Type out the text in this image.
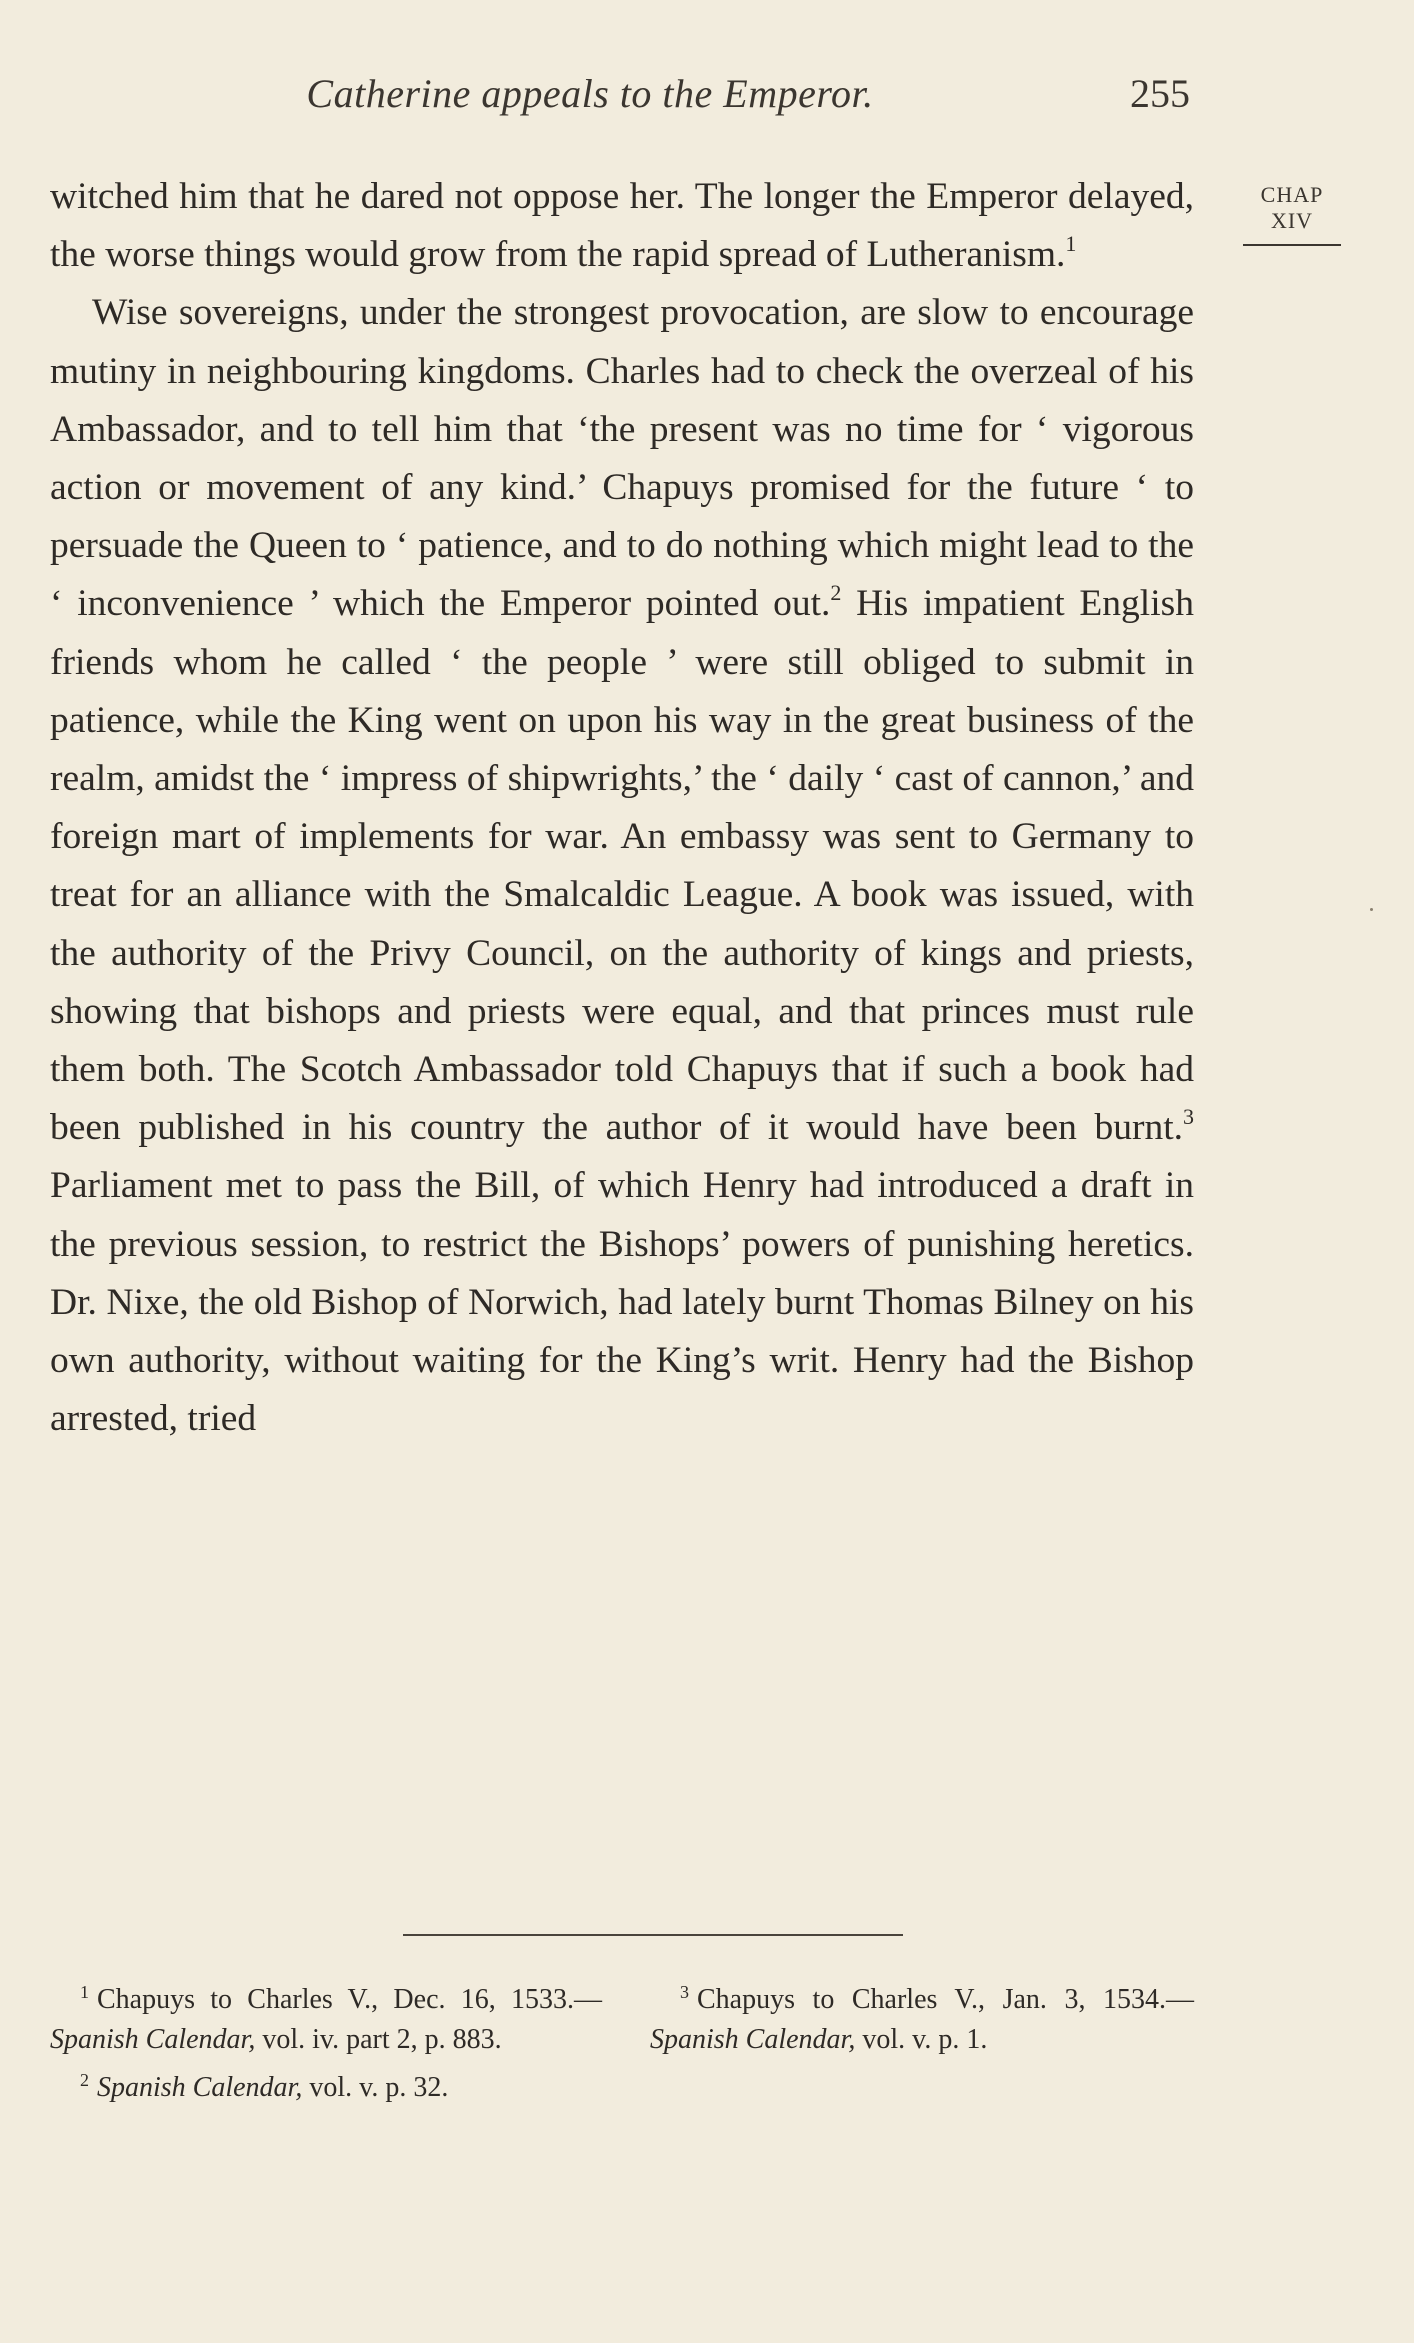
Catherine appeals to the Emperor.	255
CHAP
XIV

witched him that he dared not oppose her. The longer the Emperor delayed, the worse things would grow from the rapid spread of Lutheranism.$^1$

Wise sovereigns, under the strongest provocation, are slow to encourage mutiny in neighbouring kingdoms. Charles had to check the overzeal of his Ambassador, and to tell him that ‘the present was no time for ‘ vigorous action or movement of any kind.’ Chapuys promised for the future ‘ to persuade the Queen to ‘ patience, and to do nothing which might lead to the ‘ inconvenience ’ which the Emperor pointed out.$^2$ His impatient English friends whom he called ‘ the people ’ were still obliged to submit in patience, while the King went on upon his way in the great business of the realm, amidst the ‘ impress of shipwrights,’ the ‘ daily ‘ cast of cannon,’ and foreign mart of implements for war. An embassy was sent to Germany to treat for an alliance with the Smalcaldic League. A book was issued, with the authority of the Privy Council, on the authority of kings and priests, showing that bishops and priests were equal, and that princes must rule them both. The Scotch Ambassador told Chapuys that if such a book had been published in his country the author of it would have been burnt.$^3$ Parliament met to pass the Bill, of which Henry had introduced a draft in the previous session, to restrict the Bishops’ powers of punishing heretics. Dr. Nixe, the old Bishop of Norwich, had lately burnt Thomas Bilney on his own authority, without waiting for the King’s writ. Henry had the Bishop arrested, tried

1 Chapuys to Charles V., Dec. 16, 1533.—Spanish Calendar, vol. iv. part 2, p. 883.

2 Spanish Calendar, vol. v. p. 32.

3 Chapuys to Charles V., Jan. 3, 1534.—Spanish Calendar, vol. v. p. 1.
